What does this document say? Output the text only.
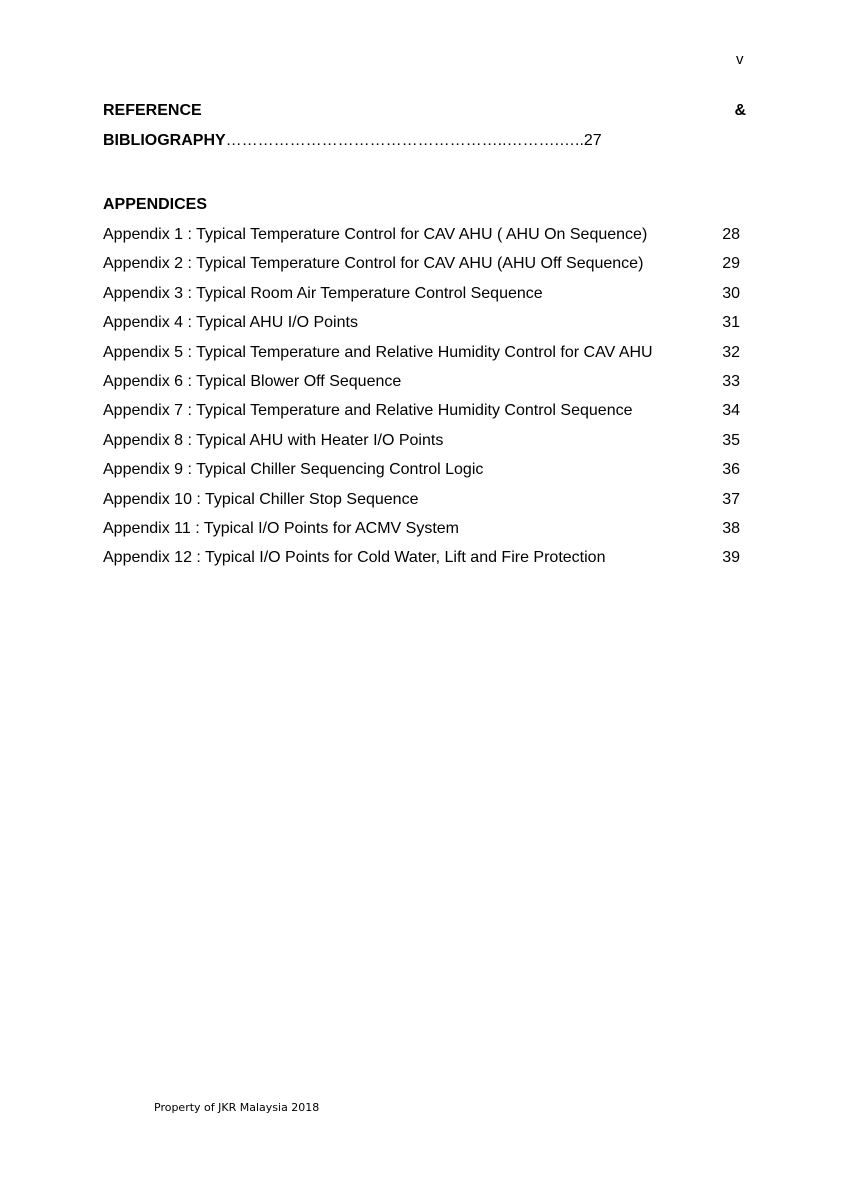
v
REFERENCE	&
BIBLIOGRAPHY……………………………………………..……….…..27
APPENDICES
Appendix 1 : Typical Temperature Control for CAV AHU ( AHU On Sequence)	28
Appendix 2 : Typical Temperature Control for CAV AHU (AHU Off Sequence)	29
Appendix 3 : Typical Room Air Temperature Control Sequence	30
Appendix 4 : Typical AHU I/O Points	31
Appendix 5 : Typical Temperature and Relative Humidity Control for CAV AHU	32
Appendix 6 : Typical Blower Off Sequence	33
Appendix 7 : Typical Temperature and Relative Humidity Control Sequence	34
Appendix 8 : Typical AHU with Heater I/O Points	35
Appendix 9 : Typical Chiller Sequencing Control Logic	36
Appendix 10 : Typical Chiller Stop Sequence	37
Appendix 11 : Typical I/O Points for ACMV System	38
Appendix 12 : Typical I/O Points for Cold Water, Lift and Fire Protection	39
Property of JKR Malaysia 2018
